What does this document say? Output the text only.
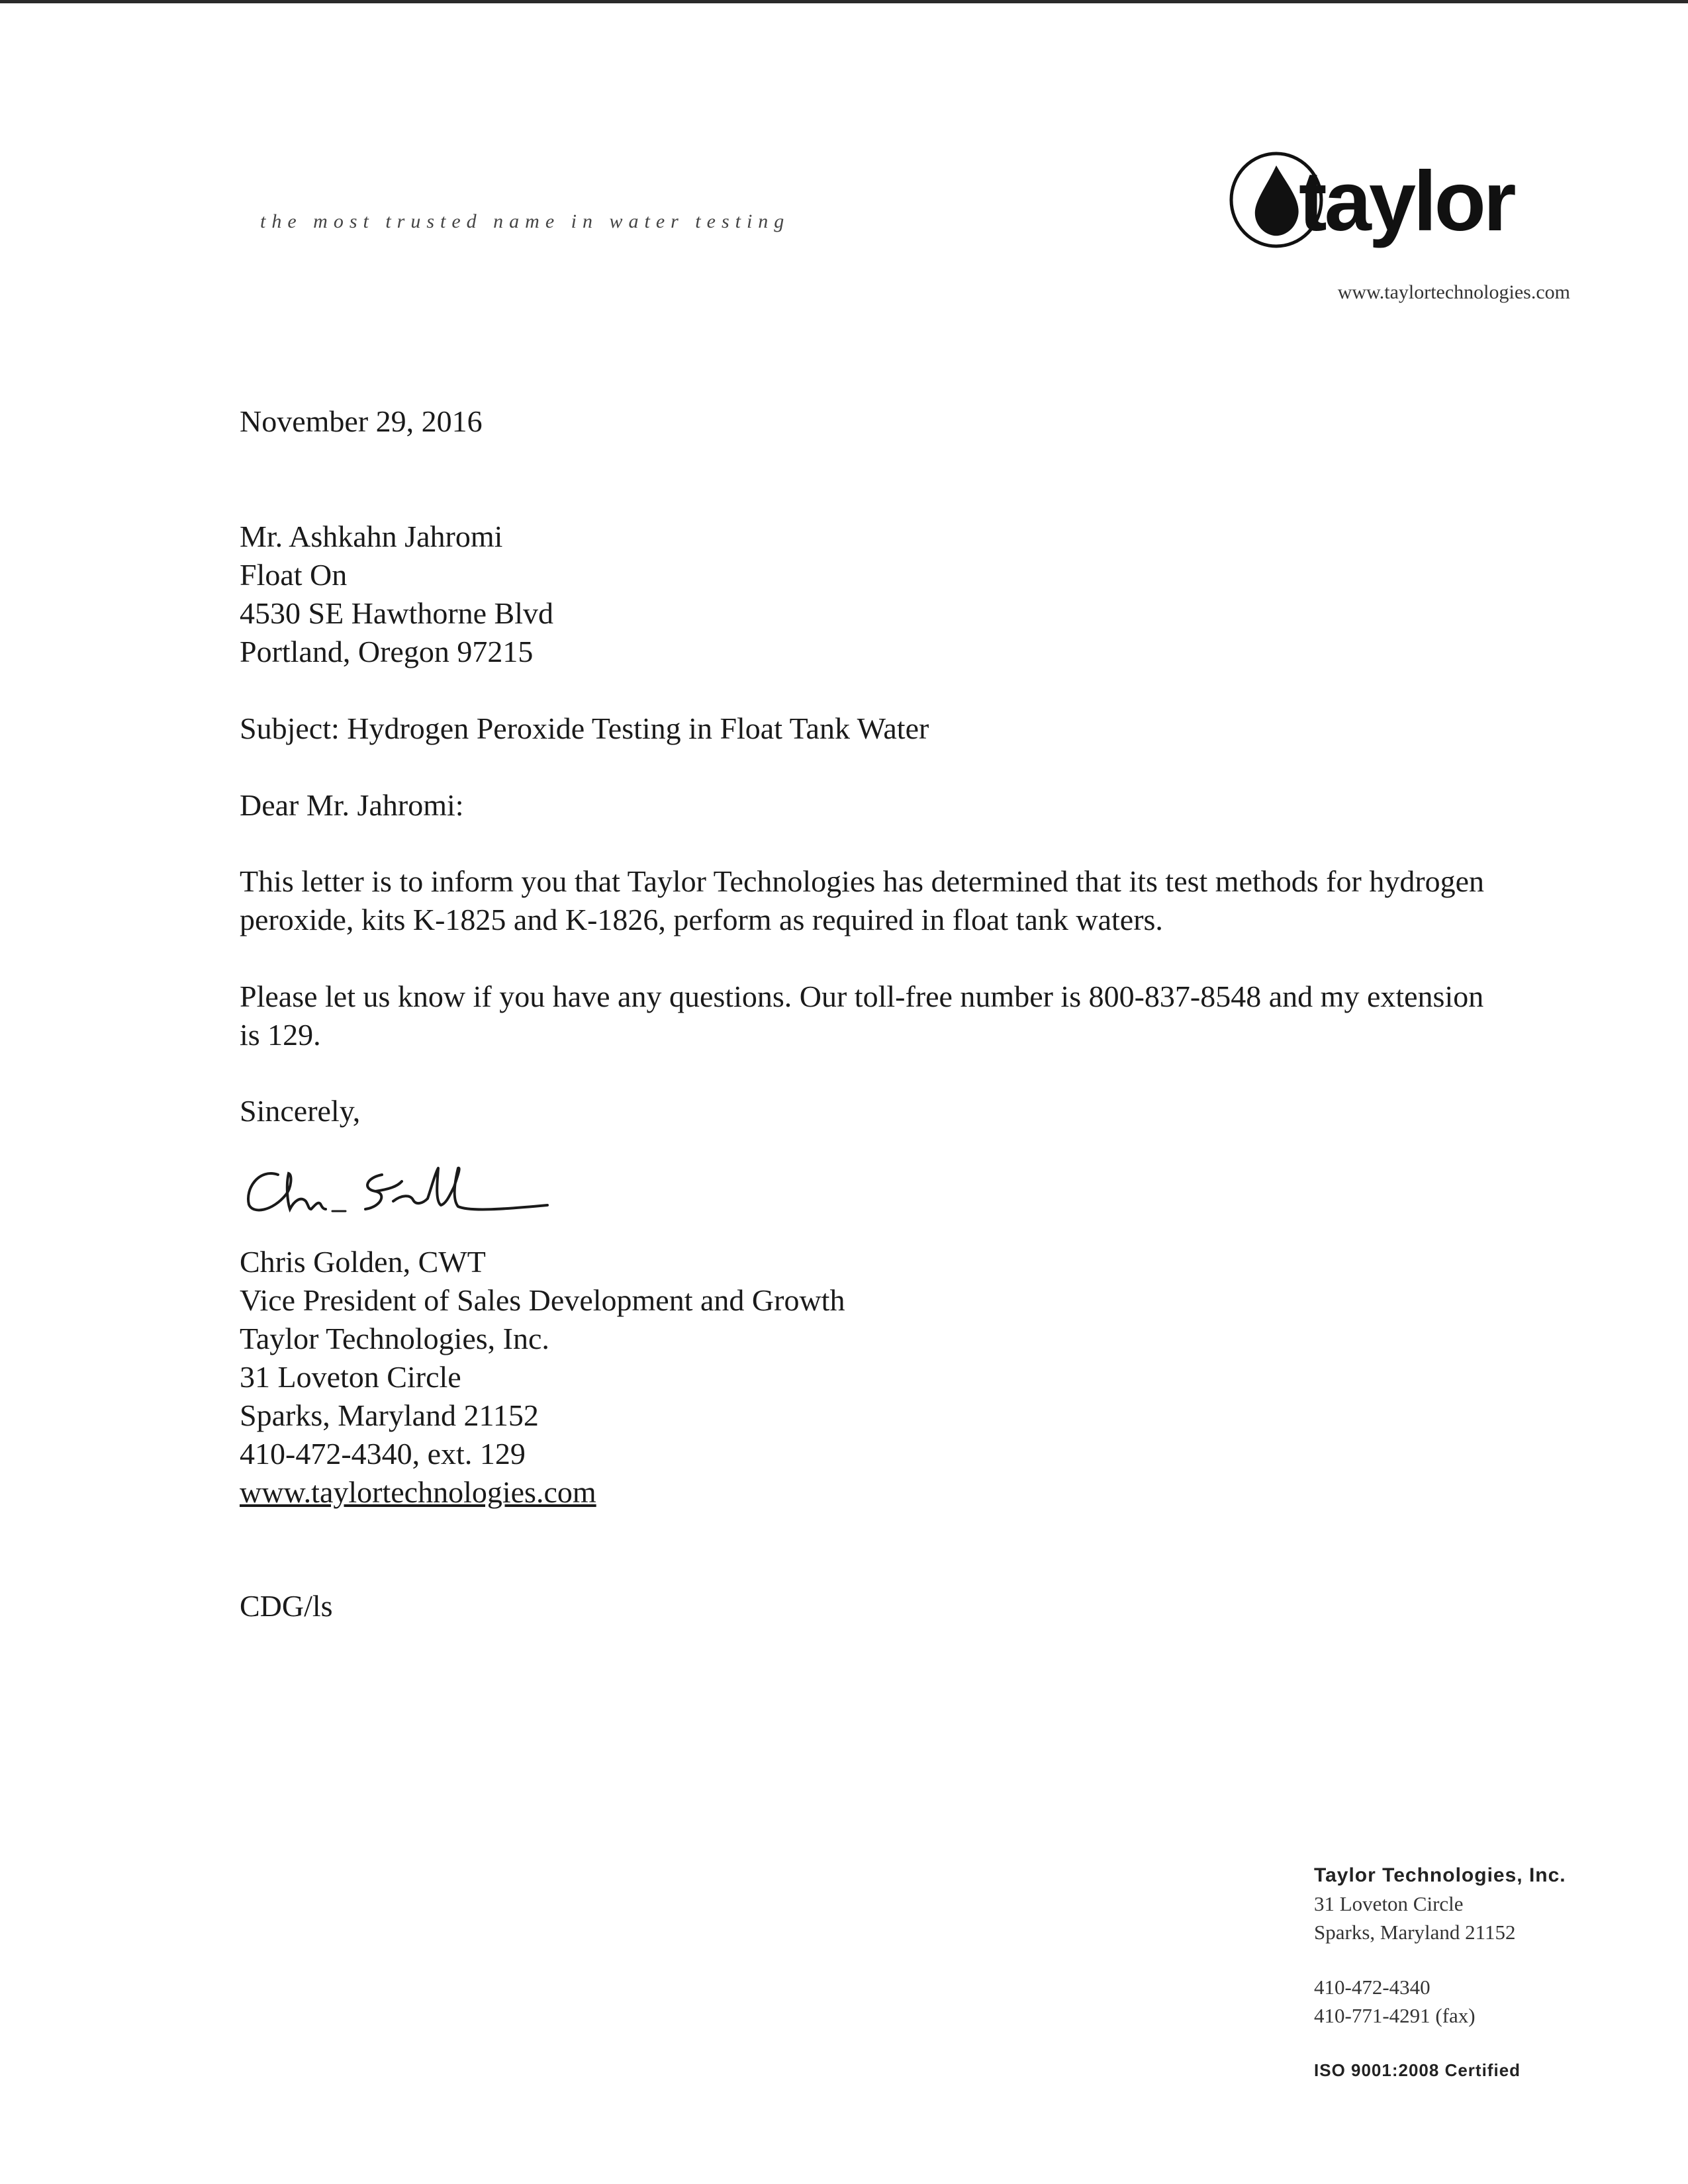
the most trusted name in water testing	taylor
www.taylortechnologies.com
November 29, 2016

Mr. Ashkahn Jahromi

Float On

4530 SE Hawthorne Blvd

Portland, Oregon 97215

Subject: Hydrogen Peroxide Testing in Float Tank Water
Dear Mr. Jahromi:
This letter is to inform you that Taylor Technologies has determined that its test methods for hydrogen peroxide, kits K-1825 and K-1826, perform as required in float tank waters.
Please let us know if you have any questions. Our toll-free number is 800-837-8548 and my extension is 129.
Sincerely,

Chris Golden, CWT

Vice President of Sales Development and Growth

Taylor Technologies, Inc.

31 Loveton Circle

Sparks, Maryland 21152

410-472-4340, ext. 129

www.taylortechnologies.com

CDG/ls
Taylor Technologies, Inc.
31 Loveton Circle
Sparks, Maryland 21152
410-472-4340
410-771-4291 (fax)
ISO 9001:2008 Certified
